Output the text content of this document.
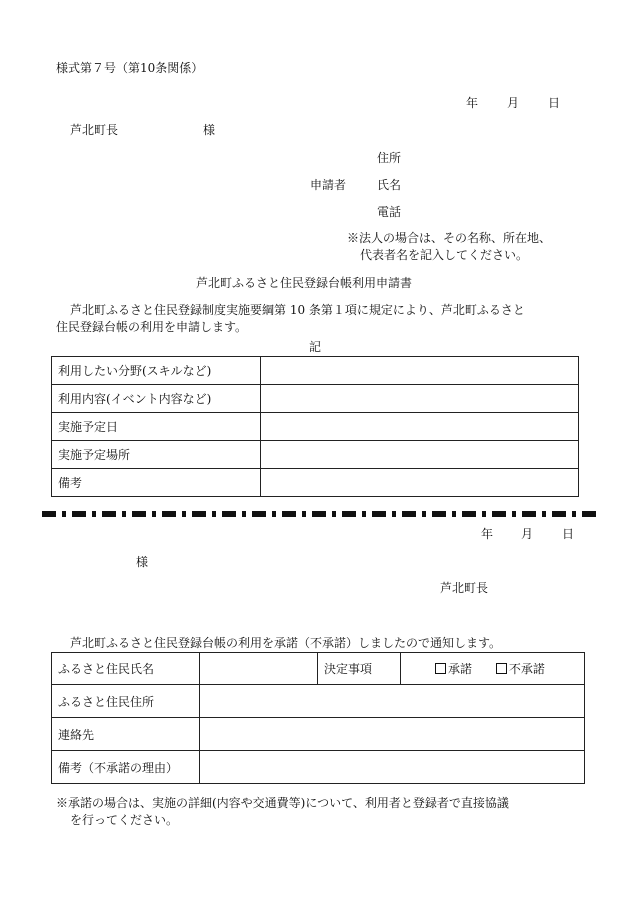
様式第７号（第10条関係）
年 月 日
芦北町長	様
住所
申請者	氏名
電話
※法人の場合は、その名称、所在地、
代表者名を記入してください。
芦北町ふるさと住民登録台帳利用申請書
芦北町ふるさと住民登録制度実施要綱第 10 条第１項に規定により、芦北町ふるさと
住民登録台帳の利用を申請します。
記
利用したい分野(スキルなど)	
利用内容(イベント内容など)	
実施予定日	
実施予定場所	
備考	
年 月 日
様
芦北町長
芦北町ふるさと住民登録台帳の利用を承諾（不承諾）しましたので通知します。
ふるさと住民氏名		決定事項	承諾 不承諾
ふるさと住民住所			
連絡先			
備考（不承諾の理由）			
※承諾の場合は、実施の詳細(内容や交通費等)について、利用者と登録者で直接協議
を行ってください。
